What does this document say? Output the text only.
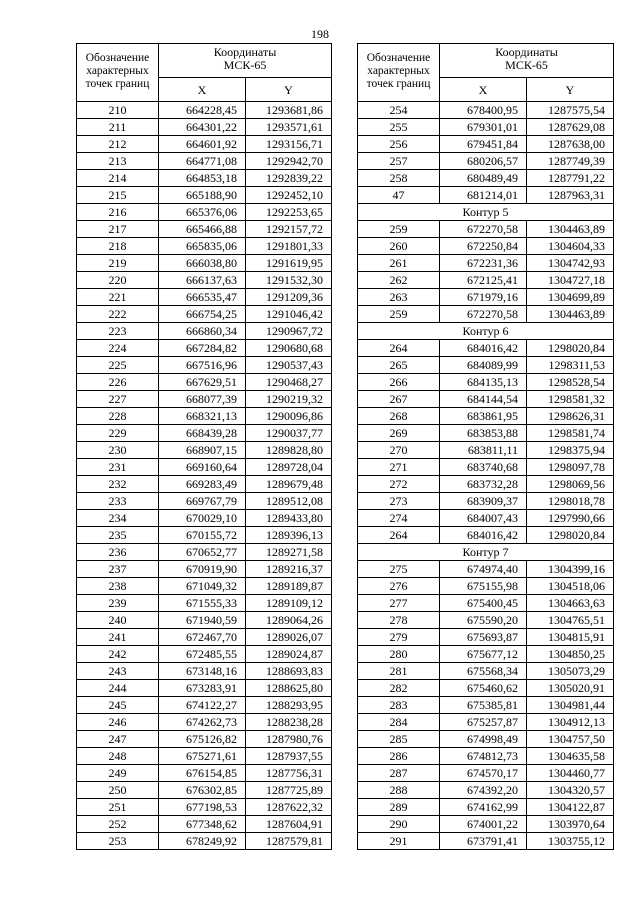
198
Обозначение характерных точек границ	Координаты
МСК-65	
	X	Y
210	664228,45	1293681,86
211	664301,22	1293571,61
212	664601,92	1293156,71
213	664771,08	1292942,70
214	664853,18	1292839,22
215	665188,90	1292452,10
216	665376,06	1292253,65
217	665466,88	1292157,72
218	665835,06	1291801,33
219	666038,80	1291619,95
220	666137,63	1291532,30
221	666535,47	1291209,36
222	666754,25	1291046,42
223	666860,34	1290967,72
224	667284,82	1290680,68
225	667516,96	1290537,43
226	667629,51	1290468,27
227	668077,39	1290219,32
228	668321,13	1290096,86
229	668439,28	1290037,77
230	668907,15	1289828,80
231	669160,64	1289728,04
232	669283,49	1289679,48
233	669767,79	1289512,08
234	670029,10	1289433,80
235	670155,72	1289396,13
236	670652,77	1289271,58
237	670919,90	1289216,37
238	671049,32	1289189,87
239	671555,33	1289109,12
240	671940,59	1289064,26
241	672467,70	1289026,07
242	672485,55	1289024,87
243	673148,16	1288693,83
244	673283,91	1288625,80
245	674122,27	1288293,95
246	674262,73	1288238,28
247	675126,82	1287980,76
248	675271,61	1287937,55
249	676154,85	1287756,31
250	676302,85	1287725,89
251	677198,53	1287622,32
252	677348,62	1287604,91
253	678249,92	1287579,81
Обозначение характерных точек границ	Координаты
МСК-65	
	X	Y
254	678400,95	1287575,54
255	679301,01	1287629,08
256	679451,84	1287638,00
257	680206,57	1287749,39
258	680489,49	1287791,22
47	681214,01	1287963,31
Контур 5		
259	672270,58	1304463,89
260	672250,84	1304604,33
261	672231,36	1304742,93
262	672125,41	1304727,18
263	671979,16	1304699,89
259	672270,58	1304463,89
Контур 6		
264	684016,42	1298020,84
265	684089,99	1298311,53
266	684135,13	1298528,54
267	684144,54	1298581,32
268	683861,95	1298626,31
269	683853,88	1298581,74
270	683811,11	1298375,94
271	683740,68	1298097,78
272	683732,28	1298069,56
273	683909,37	1298018,78
274	684007,43	1297990,66
264	684016,42	1298020,84
Контур 7		
275	674974,40	1304399,16
276	675155,98	1304518,06
277	675400,45	1304663,63
278	675590,20	1304765,51
279	675693,87	1304815,91
280	675677,12	1304850,25
281	675568,34	1305073,29
282	675460,62	1305020,91
283	675385,81	1304981,44
284	675257,87	1304912,13
285	674998,49	1304757,50
286	674812,73	1304635,58
287	674570,17	1304460,77
288	674392,20	1304320,57
289	674162,99	1304122,87
290	674001,22	1303970,64
291	673791,41	1303755,12
